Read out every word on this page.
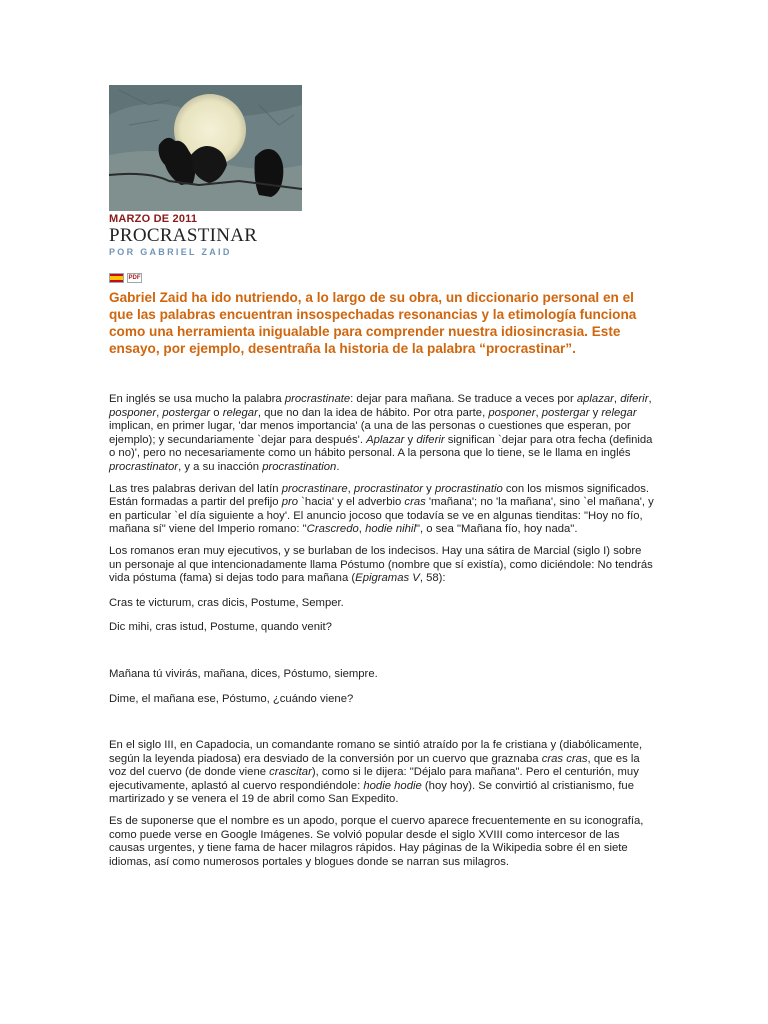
MARZO DE 2011
PROCRASTINAR
POR GABRIEL ZAID
PDF
Gabriel Zaid ha ido nutriendo, a lo largo de su obra, un diccionario personal en el que las palabras encuentran insospechadas resonancias y la etimología funciona como una herramienta inigualable para comprender nuestra idiosincrasia. Este ensayo, por ejemplo, desentraña la historia de la palabra “procrastinar”.

En inglés se usa mucho la palabra procrastinate: dejar para mañana. Se traduce a veces por aplazar, diferir, posponer, postergar o relegar, que no dan la idea de hábito. Por otra parte, posponer, postergar y relegar implican, en primer lugar, 'dar menos importancia' (a una de las personas o cuestiones que esperan, por ejemplo); y secundariamente `dejar para después'. Aplazar y diferir significan `dejar para otra fecha (definida o no)', pero no necesariamente como un hábito personal. A la persona que lo tiene, se le llama en inglés procrastinator, y a su inacción procrastination.

Las tres palabras derivan del latín procrastinare, procrastinator y procrastinatio con los mismos significados. Están formadas a partir del prefijo pro `hacia' y el adverbio cras 'mañana'; no 'la mañana', sino `el mañana', y en particular `el día siguiente a hoy'. El anuncio jocoso que todavía se ve en algunas tienditas: "Hoy no fío, mañana sí" viene del Imperio romano: "Crascredo, hodie nihil", o sea "Mañana fío, hoy nada".

Los romanos eran muy ejecutivos, y se burlaban de los indecisos. Hay una sátira de Marcial (siglo I) sobre un personaje al que intencionadamente llama Póstumo (nombre que sí existía), como diciéndole: No tendrás vida póstuma (fama) si dejas todo para mañana (Epigramas V, 58):

Cras te victurum, cras dicis, Postume, Semper.

Dic mihi, cras istud, Postume, quando venit?

Mañana tú vivirás, mañana, dices, Póstumo, siempre.

Dime, el mañana ese, Póstumo, ¿cuándo viene?

En el siglo III, en Capadocia, un comandante romano se sintió atraído por la fe cristiana y (diabólicamente, según la leyenda piadosa) era desviado de la conversión por un cuervo que graznaba cras cras, que es la voz del cuervo (de donde viene crascitar), como si le dijera: "Déjalo para mañana". Pero el centurión, muy ejecutivamente, aplastó al cuervo respondiéndole: hodie hodie (hoy hoy). Se convirtió al cristianismo, fue martirizado y se venera el 19 de abril como San Expedito.

Es de suponerse que el nombre es un apodo, porque el cuervo aparece frecuentemente en su iconografía, como puede verse en Google Imágenes. Se volvió popular desde el siglo XVIII como intercesor de las causas urgentes, y tiene fama de hacer milagros rápidos. Hay páginas de la Wikipedia sobre él en siete idiomas, así como numerosos portales y blogues donde se narran sus milagros.
